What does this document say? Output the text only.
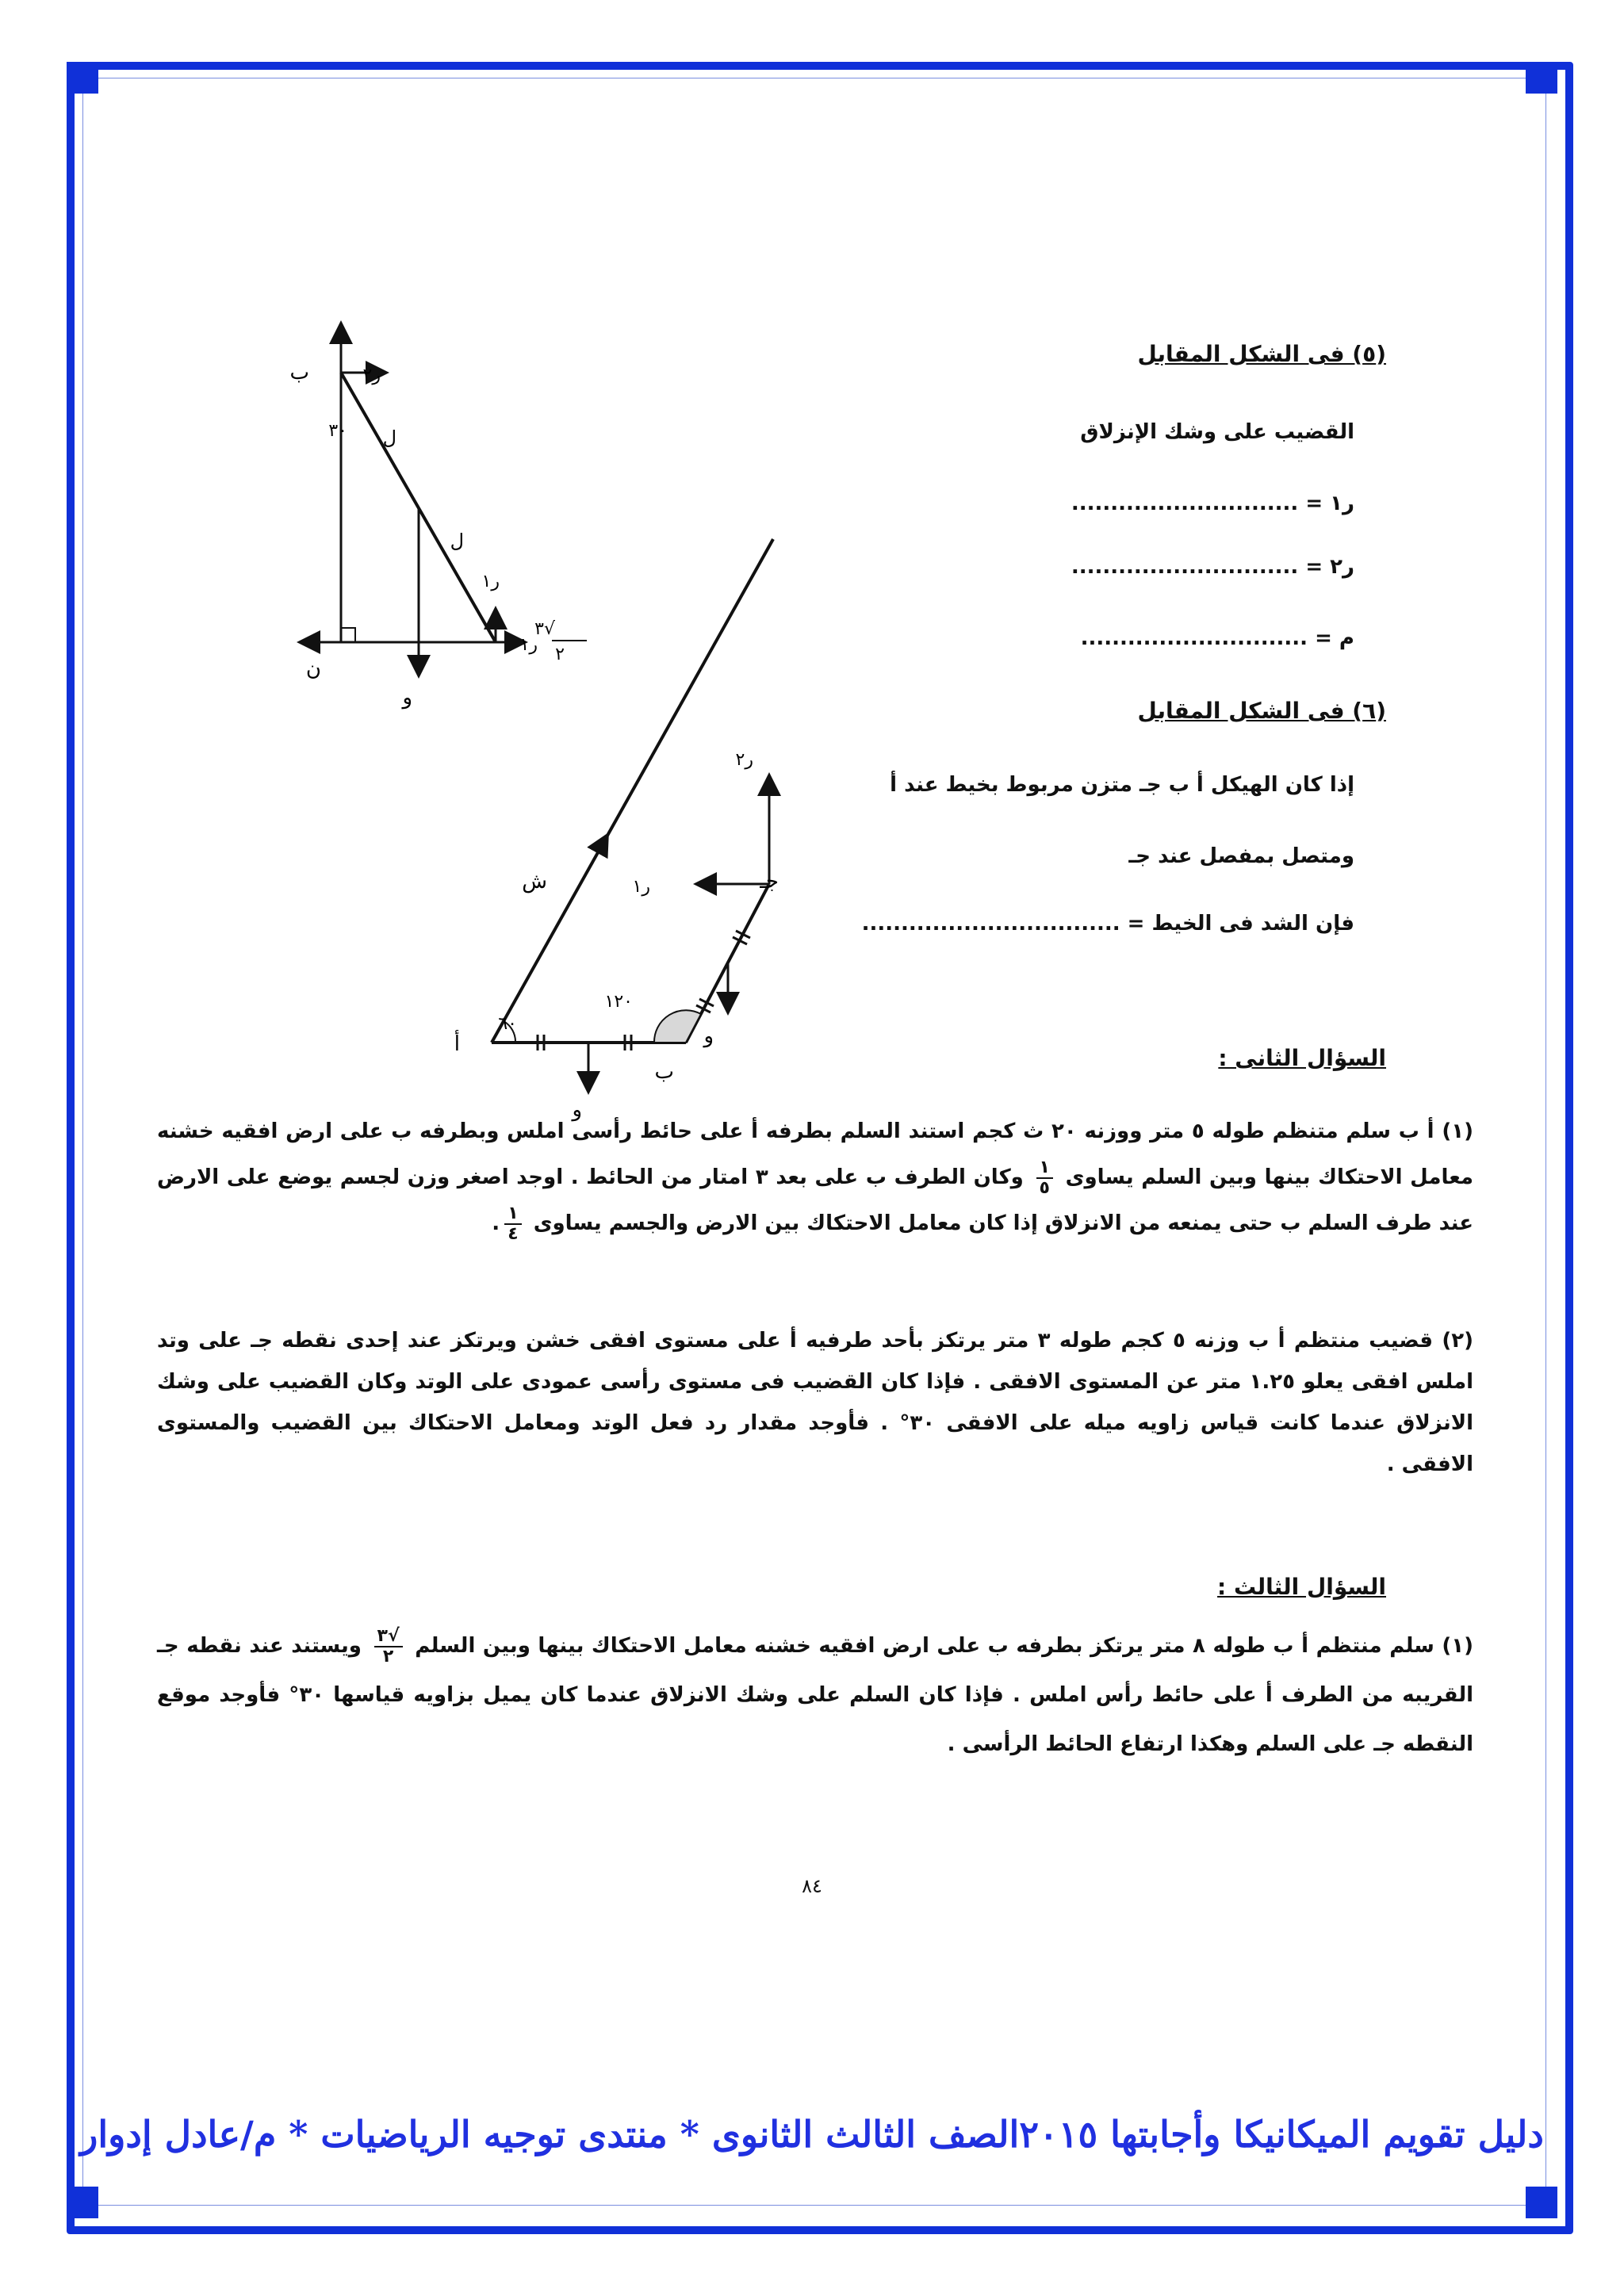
(٥) فى الشكل المقابل
القضيب على وشك الإنزلاق
ر١ = .............................
ر٢ = .............................
م = .............................
(٦) فى الشكل المقابل
إذا كان الهيكل أ ب جـ متزن مربوط بخيط عند أ
ومتصل بمفصل عند جـ
فإن الشد فى الخيط = .................................
ب
٣٠ ل
ل
ر٢
ر١
ر١
√٣
٢
ن
و
أ
ب
جـ
٦٠
١٢٠
ش	ر١
ر٢
و
و
السؤال الثانى :
(١) أ ب سلم متنظم طوله ٥ متر ووزنه ٢٠ ث كجم استند السلم بطرفه أ على حائط رأسى املس وبطرفه ب على ارض افقيه خشنه معامل الاحتكاك بينها وبين السلم يساوى
$\frac{١}{٥}$
وكان الطرف ب على بعد ٣ امتار من الحائط . اوجد اصغر وزن لجسم يوضع على الارض عند طرف السلم ب حتى يمنعه من الانزلاق إذا كان معامل الاحتكاك بين الارض والجسم يساوى
$\frac{١}{٤}$
.
(٢) قضيب منتظم أ ب وزنه ٥ كجم طوله ٣ متر يرتكز بأحد طرفيه أ على مستوى افقى خشن ويرتكز عند إحدى نقطه جـ على وتد املس افقى يعلو ١.٢٥ متر عن المستوى الافقى . فإذا كان القضيب فى مستوى رأسى عمودى على الوتد وكان القضيب على وشك الانزلاق عندما كانت قياس زاويه ميله على الافقى ٣٠° . فأوجد مقدار رد فعل الوتد ومعامل الاحتكاك بين القضيب والمستوى الافقى .
السؤال الثالث :
(١) سلم منتظم أ ب طوله ٨ متر يرتكز بطرفه ب على ارض افقيه خشنه معامل الاحتكاك بينها وبين السلم
$\frac{√٣}{٢}$
ويستند عند نقطه جـ القريبه من الطرف أ على حائط رأس املس . فإذا كان السلم على وشك الانزلاق عندما كان يميل بزاويه قياسها ٣٠° فأوجد موقع النقطه جـ على السلم وهكذا ارتفاع الحائط الرأسى .
٨٤
دليل تقويم الميكانيكا وأجابتها ٢٠١٥الصف الثالث الثانوى * منتدى توجيه الرياضيات * م/عادل إدوار
